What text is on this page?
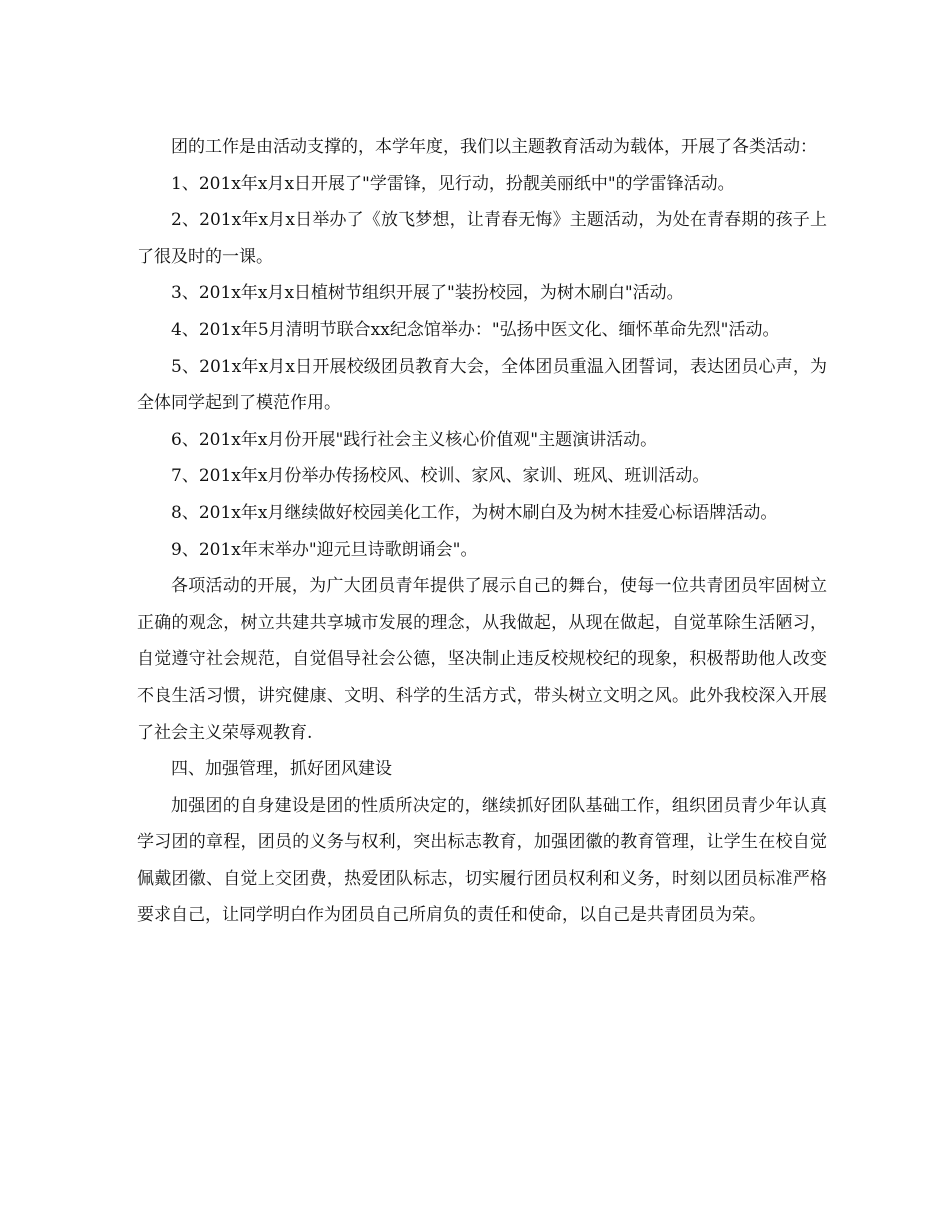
团的工作是由活动支撑的，本学年度，我们以主题教育活动为载体，开展了各类活动：

1、201x年x月x日开展了"学雷锋，见行动，扮靓美丽纸中"的学雷锋活动。

2、201x年x月x日举办了《放飞梦想，让青春无悔》主题活动，为处在青春期的孩子上了很及时的一课。

3、201x年x月x日植树节组织开展了"装扮校园，为树木刷白"活动。

4、201x年5月清明节联合xx纪念馆举办："弘扬中医文化、缅怀革命先烈"活动。

5、201x年x月x日开展校级团员教育大会，全体团员重温入团誓词，表达团员心声，为全体同学起到了模范作用。

6、201x年x月份开展"践行社会主义核心价值观"主题演讲活动。

7、201x年x月份举办传扬校风、校训、家风、家训、班风、班训活动。

8、201x年x月继续做好校园美化工作，为树木刷白及为树木挂爱心标语牌活动。

9、201x年末举办"迎元旦诗歌朗诵会"。

各项活动的开展，为广大团员青年提供了展示自己的舞台，使每一位共青团员牢固树立正确的观念，树立共建共享城市发展的理念，从我做起，从现在做起，自觉革除生活陋习，自觉遵守社会规范，自觉倡导社会公德，坚决制止违反校规校纪的现象，积极帮助他人改变不良生活习惯，讲究健康、文明、科学的生活方式，带头树立文明之风。此外我校深入开展了社会主义荣辱观教育.

四、加强管理，抓好团风建设

加强团的自身建设是团的性质所决定的，继续抓好团队基础工作，组织团员青少年认真学习团的章程，团员的义务与权利，突出标志教育，加强团徽的教育管理，让学生在校自觉佩戴团徽、自觉上交团费，热爱团队标志，切实履行团员权利和义务，时刻以团员标准严格要求自己，让同学明白作为团员自己所肩负的责任和使命，以自己是共青团员为荣。
